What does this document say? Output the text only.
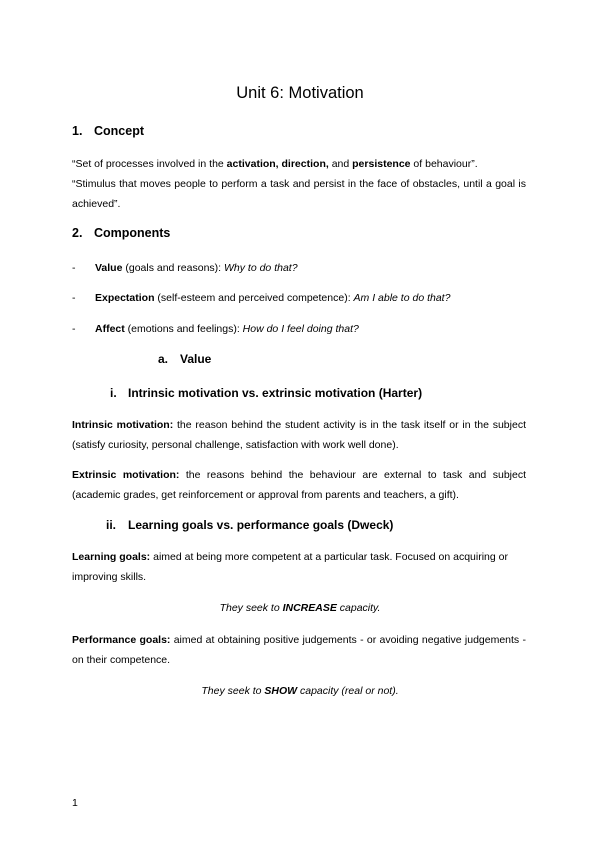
Unit 6: Motivation
1. Concept
“Set of processes involved in the activation, direction, and persistence of behaviour”.
“Stimulus that moves people to perform a task and persist in the face of obstacles, until a goal is achieved”.
2. Components
- Value (goals and reasons): Why to do that?
- Expectation (self-esteem and perceived competence): Am I able to do that?
- Affect (emotions and feelings): How do I feel doing that?
a. Value
i. Intrinsic motivation vs. extrinsic motivation (Harter)
Intrinsic motivation: the reason behind the student activity is in the task itself or in the subject (satisfy curiosity, personal challenge, satisfaction with work well done).
Extrinsic motivation: the reasons behind the behaviour are external to task and subject (academic grades, get reinforcement or approval from parents and teachers, a gift).
ii. Learning goals vs. performance goals (Dweck)
Learning goals: aimed at being more competent at a particular task. Focused on acquiring or improving skills.
They seek to INCREASE capacity.
Performance goals: aimed at obtaining positive judgements - or avoiding negative judgements - on their competence.
They seek to SHOW capacity (real or not).
1
